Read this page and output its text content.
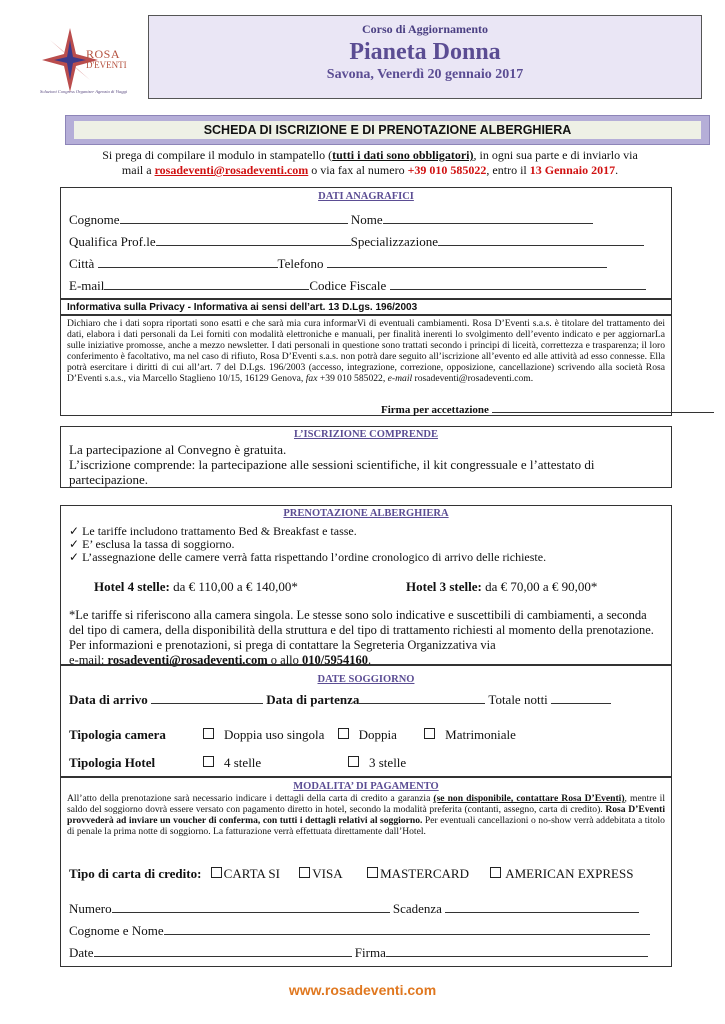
ROSA
D'EVENTI
Soluzioni Congress Organizer Agenzia di Viaggi
Corso di Aggiornamento
Pianeta Donna
Savona, Venerdì 20 gennaio 2017
SCHEDA DI ISCRIZIONE E DI PRENOTAZIONE ALBERGHIERA
Si prega di compilare il modulo in stampatello (tutti i dati sono obbligatori), in ogni sua parte e di inviarlo via
mail a rosadeventi@rosadeventi.com o via fax al numero +39 010 585022, entro il 13 Gennaio 2017.
DATI ANAGRAFICI
Cognome	Nome
Qualifica Prof.le	Specializzazione
Città	Telefono
E-mail	Codice Fiscale
Informativa sulla Privacy - Informativa ai sensi dell’art. 13 D.Lgs. 196/2003
Dichiaro che i dati sopra riportati sono esatti e che sarà mia cura informarVi di eventuali cambiamenti. Rosa D’Eventi s.a.s. è titolare del trattamento dei dati, elabora i dati personali da Lei forniti con modalità elettroniche e manuali, per finalità inerenti lo svolgimento dell’evento indicato e per aggiornarLa sulle iniziative promosse, anche a mezzo newsletter. I dati personali in questione sono trattati secondo i principi di liceità, correttezza e trasparenza; il loro conferimento è facoltativo, ma nel caso di rifiuto, Rosa D’Eventi s.a.s. non potrà dare seguito all’iscrizione all’evento ed alle attività ad esso connesse. Ella potrà esercitare i diritti di cui all’art. 7 del D.Lgs. 196/2003 (accesso, integrazione, correzione, opposizione, cancellazione) scrivendo alla società Rosa D’Eventi s.a.s., via Marcello Staglieno 10/15, 16129 Genova, fax +39 010 585022, e-mail rosadeventi@rosadeventi.com.
Firma per accettazione
L’ISCRIZIONE COMPRENDE
La partecipazione al Convegno è gratuita.
L’iscrizione comprende: la partecipazione alle sessioni scientifiche, il kit congressuale e l’attestato di partecipazione.
PRENOTAZIONE ALBERGHIERA
✓ Le tariffe includono trattamento Bed & Breakfast e tasse.
✓ E’ esclusa la tassa di soggiorno.
✓ L’assegnazione delle camere verrà fatta rispettando l’ordine cronologico di arrivo delle richieste.
Hotel 4 stelle: da € 110,00 a € 140,00*	Hotel 3 stelle: da € 70,00 a € 90,00*
*Le tariffe si riferiscono alla camera singola. Le stesse sono solo indicative e suscettibili di cambiamenti, a seconda del tipo di camera, della disponibilità della struttura e del tipo di trattamento richiesti al momento della prenotazione. Per informazioni e prenotazioni, si prega di contattare la Segreteria Organizzativa via
e-mail: rosadeventi@rosadeventi.com o allo 010/5954160.
DATE SOGGIORNO
Data di arrivo	Data di partenza	Totale notti
Tipologia camera	Doppia uso singola	Doppia	Matrimoniale
Tipologia Hotel	4 stelle	3 stelle
MODALITA’ DI PAGAMENTO
All’atto della prenotazione sarà necessario indicare i dettagli della carta di credito a garanzia (se non disponibile, contattare Rosa D’Eventi), mentre il saldo del soggiorno dovrà essere versato con pagamento diretto in hotel, secondo la modalità preferita (contanti, assegno, carta di credito). Rosa D’Eventi provvederà ad inviare un voucher di conferma, con tutti i dettagli relativi al soggiorno. Per eventuali cancellazioni o no-show verrà addebitata a titolo di penale la prima notte di soggiorno. La fatturazione verrà effettuata direttamente dall’Hotel.
Tipo di carta di credito: CARTA SI VISA	MASTERCARD	AMERICAN EXPRESS
Numero	Scadenza
Cognome e Nome
Date	Firma
www.rosadeventi.com
